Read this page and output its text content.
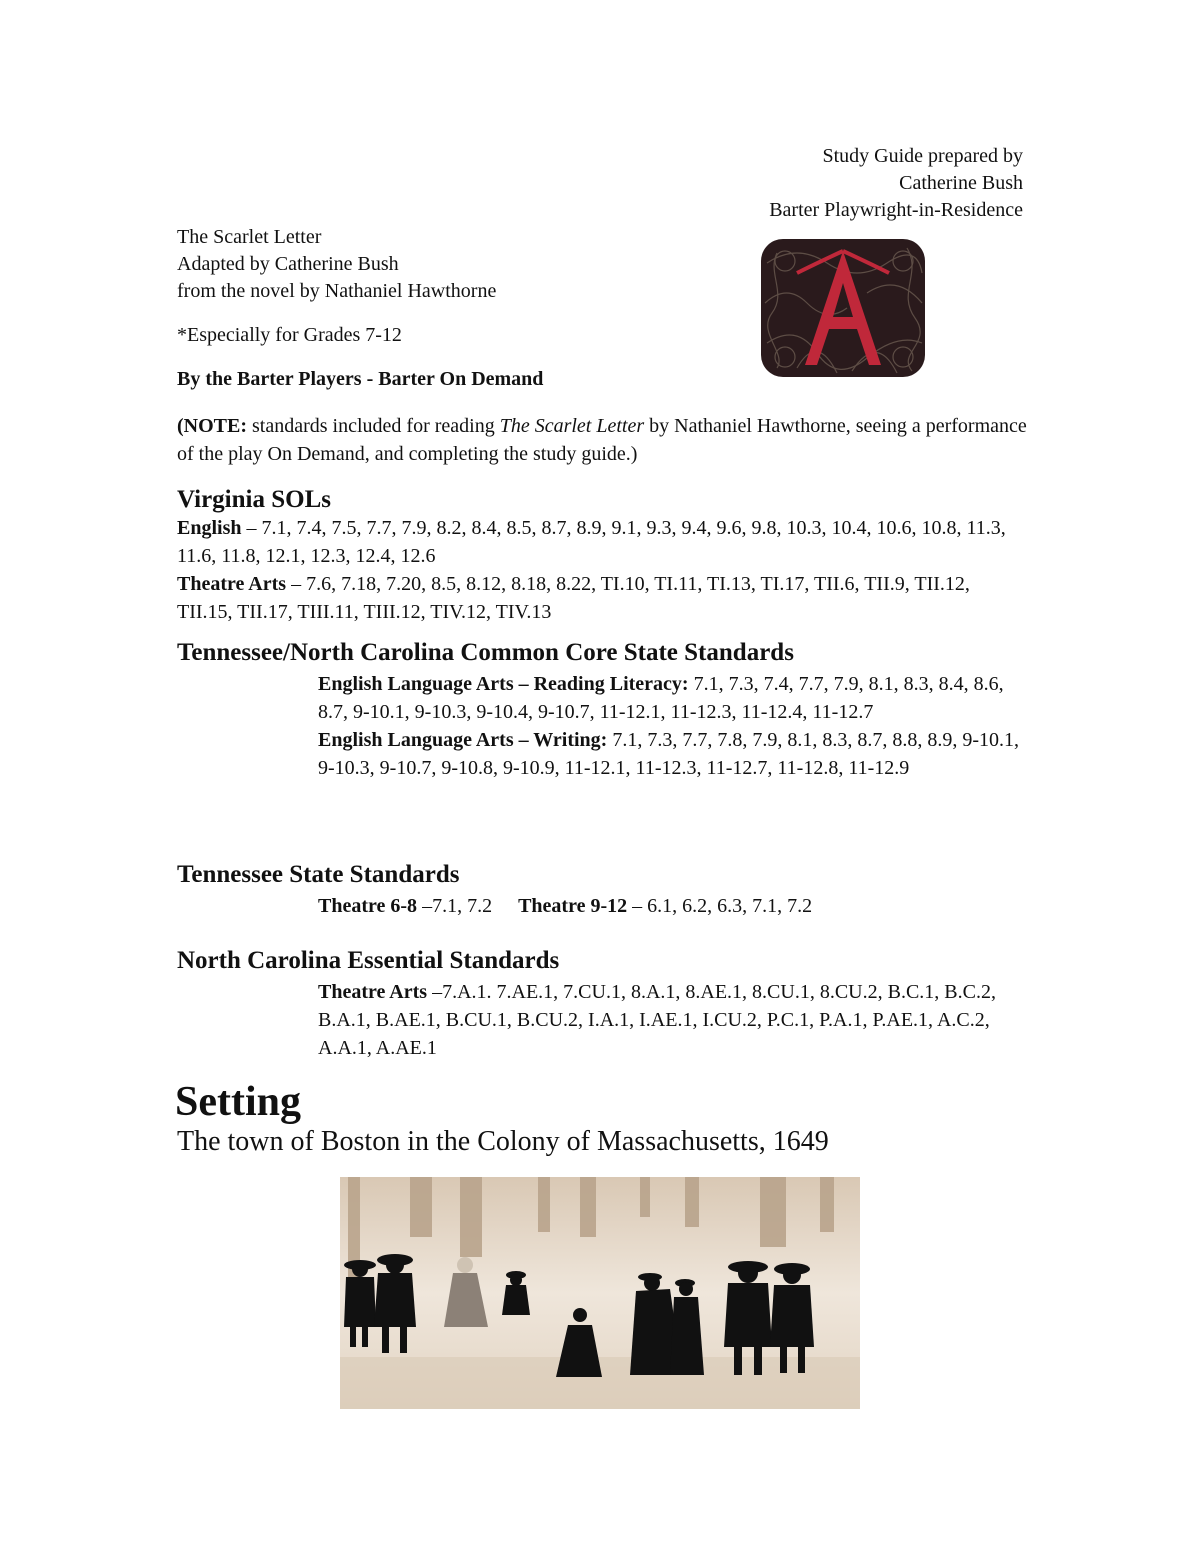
Study Guide prepared by
Catherine Bush
Barter Playwright-in-Residence
The Scarlet Letter
Adapted by Catherine Bush
from the novel by Nathaniel Hawthorne
*Especially for Grades 7-12
By the Barter Players - Barter On Demand
(NOTE: standards included for reading The Scarlet Letter by Nathaniel Hawthorne, seeing a performance of the play On Demand, and completing the study guide.)
Virginia SOLs
English – 7.1, 7.4, 7.5, 7.7, 7.9, 8.2, 8.4, 8.5, 8.7, 8.9, 9.1, 9.3, 9.4, 9.6, 9.8, 10.3, 10.4, 10.6, 10.8, 11.3, 11.6, 11.8, 12.1, 12.3, 12.4, 12.6
Theatre Arts – 7.6, 7.18, 7.20, 8.5, 8.12, 8.18, 8.22, TI.10, TI.11, TI.13, TI.17, TII.6, TII.9, TII.12, TII.15, TII.17, TIII.11, TIII.12, TIV.12, TIV.13
Tennessee/North Carolina Common Core State Standards
English Language Arts – Reading Literacy: 7.1, 7.3, 7.4, 7.7, 7.9, 8.1, 8.3, 8.4, 8.6, 8.7, 9-10.1, 9-10.3, 9-10.4, 9-10.7, 11-12.1, 11-12.3, 11-12.4, 11-12.7
English Language Arts – Writing: 7.1, 7.3, 7.7, 7.8, 7.9, 8.1, 8.3, 8.7, 8.8, 8.9, 9-10.1, 9-10.3, 9-10.7, 9-10.8, 9-10.9, 11-12.1, 11-12.3, 11-12.7, 11-12.8, 11-12.9
Tennessee State Standards
Theatre 6-8 –7.1, 7.2 Theatre 9-12 – 6.1, 6.2, 6.3, 7.1, 7.2
North Carolina Essential Standards
Theatre Arts –7.A.1. 7.AE.1, 7.CU.1, 8.A.1, 8.AE.1, 8.CU.1, 8.CU.2, B.C.1, B.C.2, B.A.1, B.AE.1, B.CU.1, B.CU.2, I.A.1, I.AE.1, I.CU.2, P.C.1, P.A.1, P.AE.1, A.C.2, A.A.1, A.AE.1
Setting
The town of Boston in the Colony of Massachusetts, 1649
